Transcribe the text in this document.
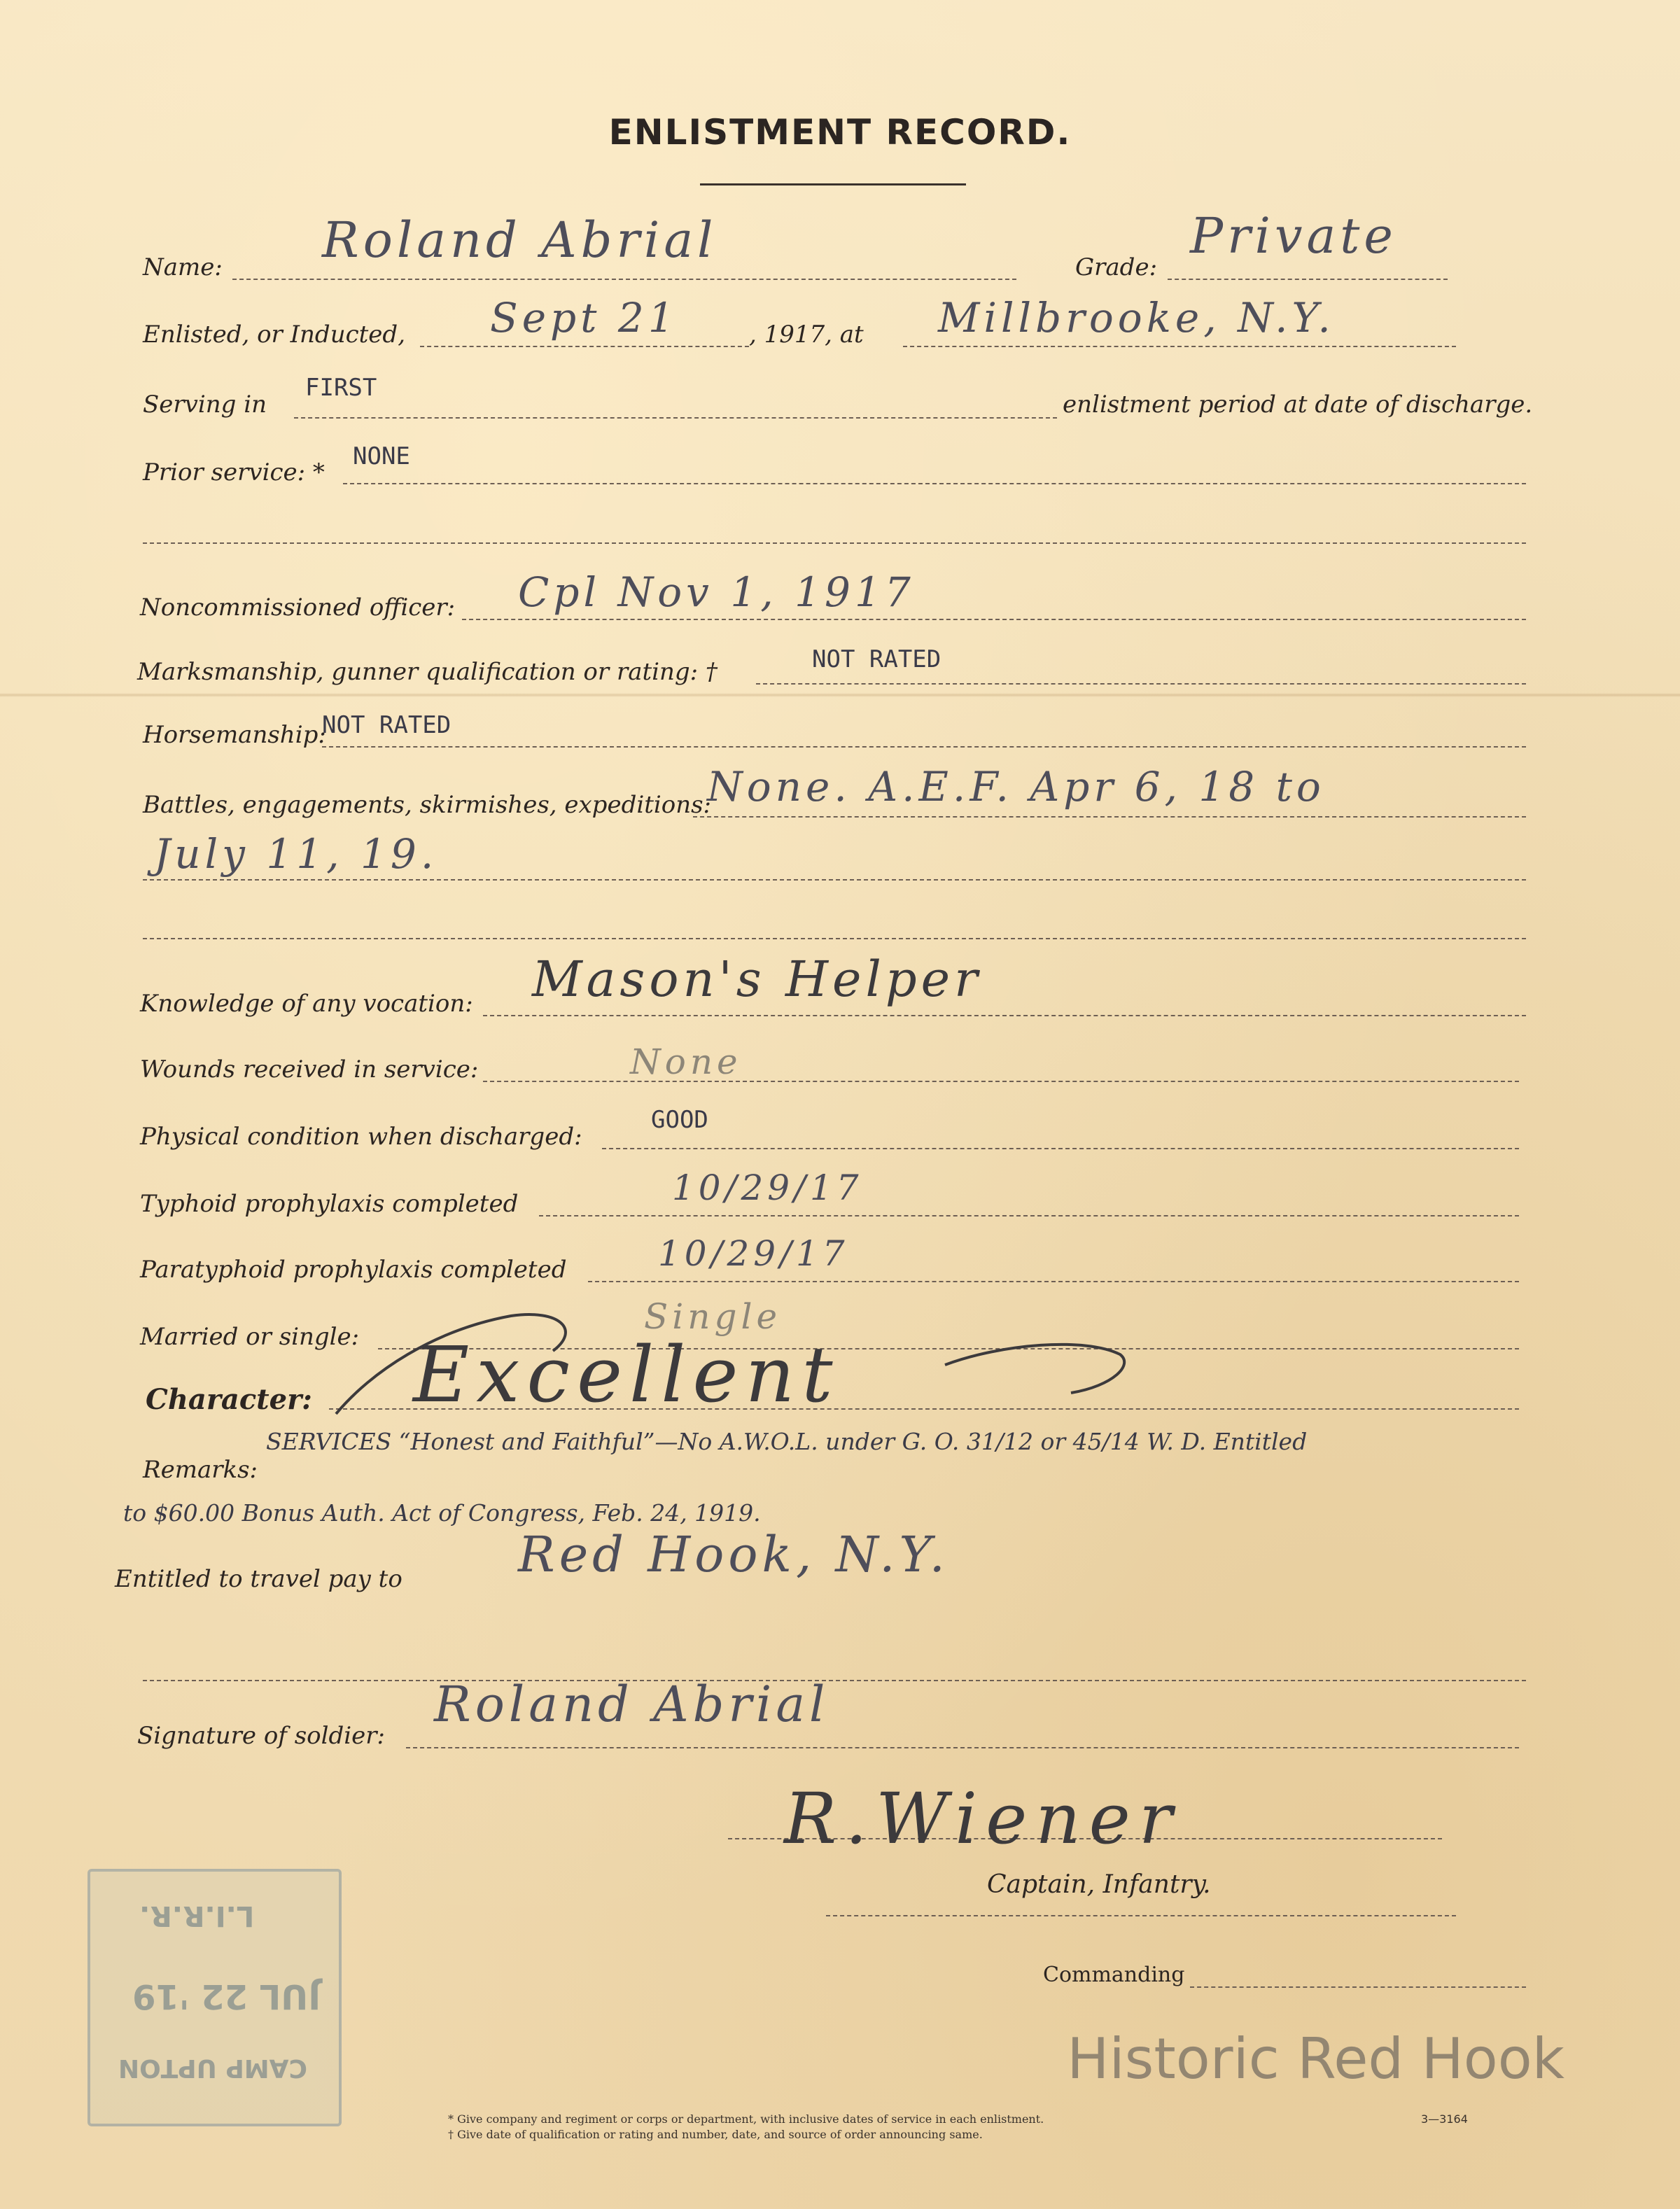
ENLISTMENT RECORD.
Name: Roland Abrial	Grade:
Private
Enlisted, or Inducted, Sept 21	, 1917, at Millbrooke, N.Y.
Serving in
FIRST
enlistment period at date of discharge.
Prior service: *
NONE
Noncommissioned officer: Cpl Nov 1, 1917
Marksmanship, gunner qualification or rating: †	NOT RATED
Horsemanship:
NOT RATED
Battles, engagements, skirmishes, expeditions:
None. A.E.F. Apr 6, 18 to
July 11, 19.
Knowledge of any vocation: Mason's Helper
Wounds received in service:	None
Physical condition when discharged:
GOOD
Typhoid prophylaxis completed	10/29/17
Paratyphoid prophylaxis completed	10/29/17
Married or single:	Single
Character: Excellent
SERVICES “Honest and Faithful”—No A.W.O.L. under G. O. 31/12 or 45/14 W. D. Entitled
Remarks:
to $60.00 Bonus Auth. Act of Congress, Feb. 24, 1919.
Entitled to travel pay to Red Hook, N.Y.
Signature of soldier:
Roland Abrial
R.Wiener
Captain, Infantry.
Commanding
CAMP UPTON
JUL 22 '19
L.I.R.R.
Historic Red Hook
* Give company and regiment or corps or department, with inclusive dates of service in each enlistment.
† Give date of qualification or rating and number, date, and source of order announcing same.
3—3164
